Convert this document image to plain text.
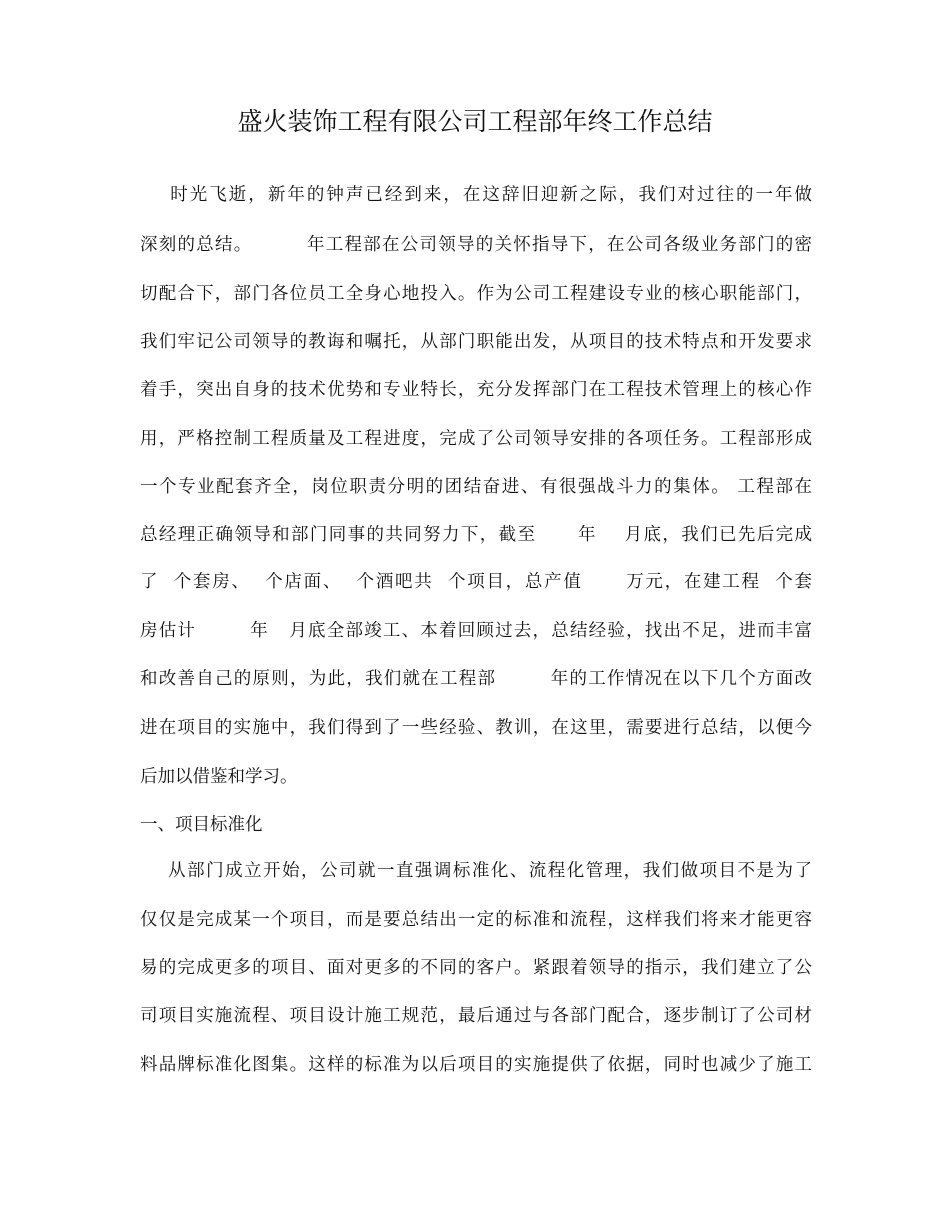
盛火装饰工程有限公司工程部年终工作总结
时光飞逝，新年的钟声已经到来，在这辞旧迎新之际，我们对过往的一年做
深刻的总结。        年工程部在公司领导的关怀指导下，在公司各级业务部门的密
切配合下，部门各位员工全身心地投入。作为公司工程建设专业的核心职能部门，
我们牢记公司领导的教诲和嘱托，从部门职能出发，从项目的技术特点和开发要求
着手，突出自身的技术优势和专业特长，充分发挥部门在工程技术管理上的核心作
用，严格控制工程质量及工程进度，完成了公司领导安排的各项任务。工程部形成
一个专业配套齐全，岗位职责分明的团结奋进、有很强战斗力的集体。 工程部在
总经理正确领导和部门同事的共同努力下，截至      年    月底，我们已先后完成
了  个套房、  个店面、  个酒吧共  个项目，总产值      万元，在建工程  个套
房估计        年   月底全部竣工、本着回顾过去，总结经验，找出不足，进而丰富
和改善自己的原则，为此，我们就在工程部        年的工作情况在以下几个方面改
进在项目的实施中，我们得到了一些经验、教训，在这里，需要进行总结，以便今
后加以借鉴和学习。
一、项目标准化
从部门成立开始，公司就一直强调标准化、流程化管理，我们做项目不是为了
仅仅是完成某一个项目，而是要总结出一定的标准和流程，这样我们将来才能更容
易的完成更多的项目、面对更多的不同的客户。紧跟着领导的指示，我们建立了公
司项目实施流程、项目设计施工规范，最后通过与各部门配合，逐步制订了公司材
料品牌标准化图集。这样的标准为以后项目的实施提供了依据，同时也减少了施工
